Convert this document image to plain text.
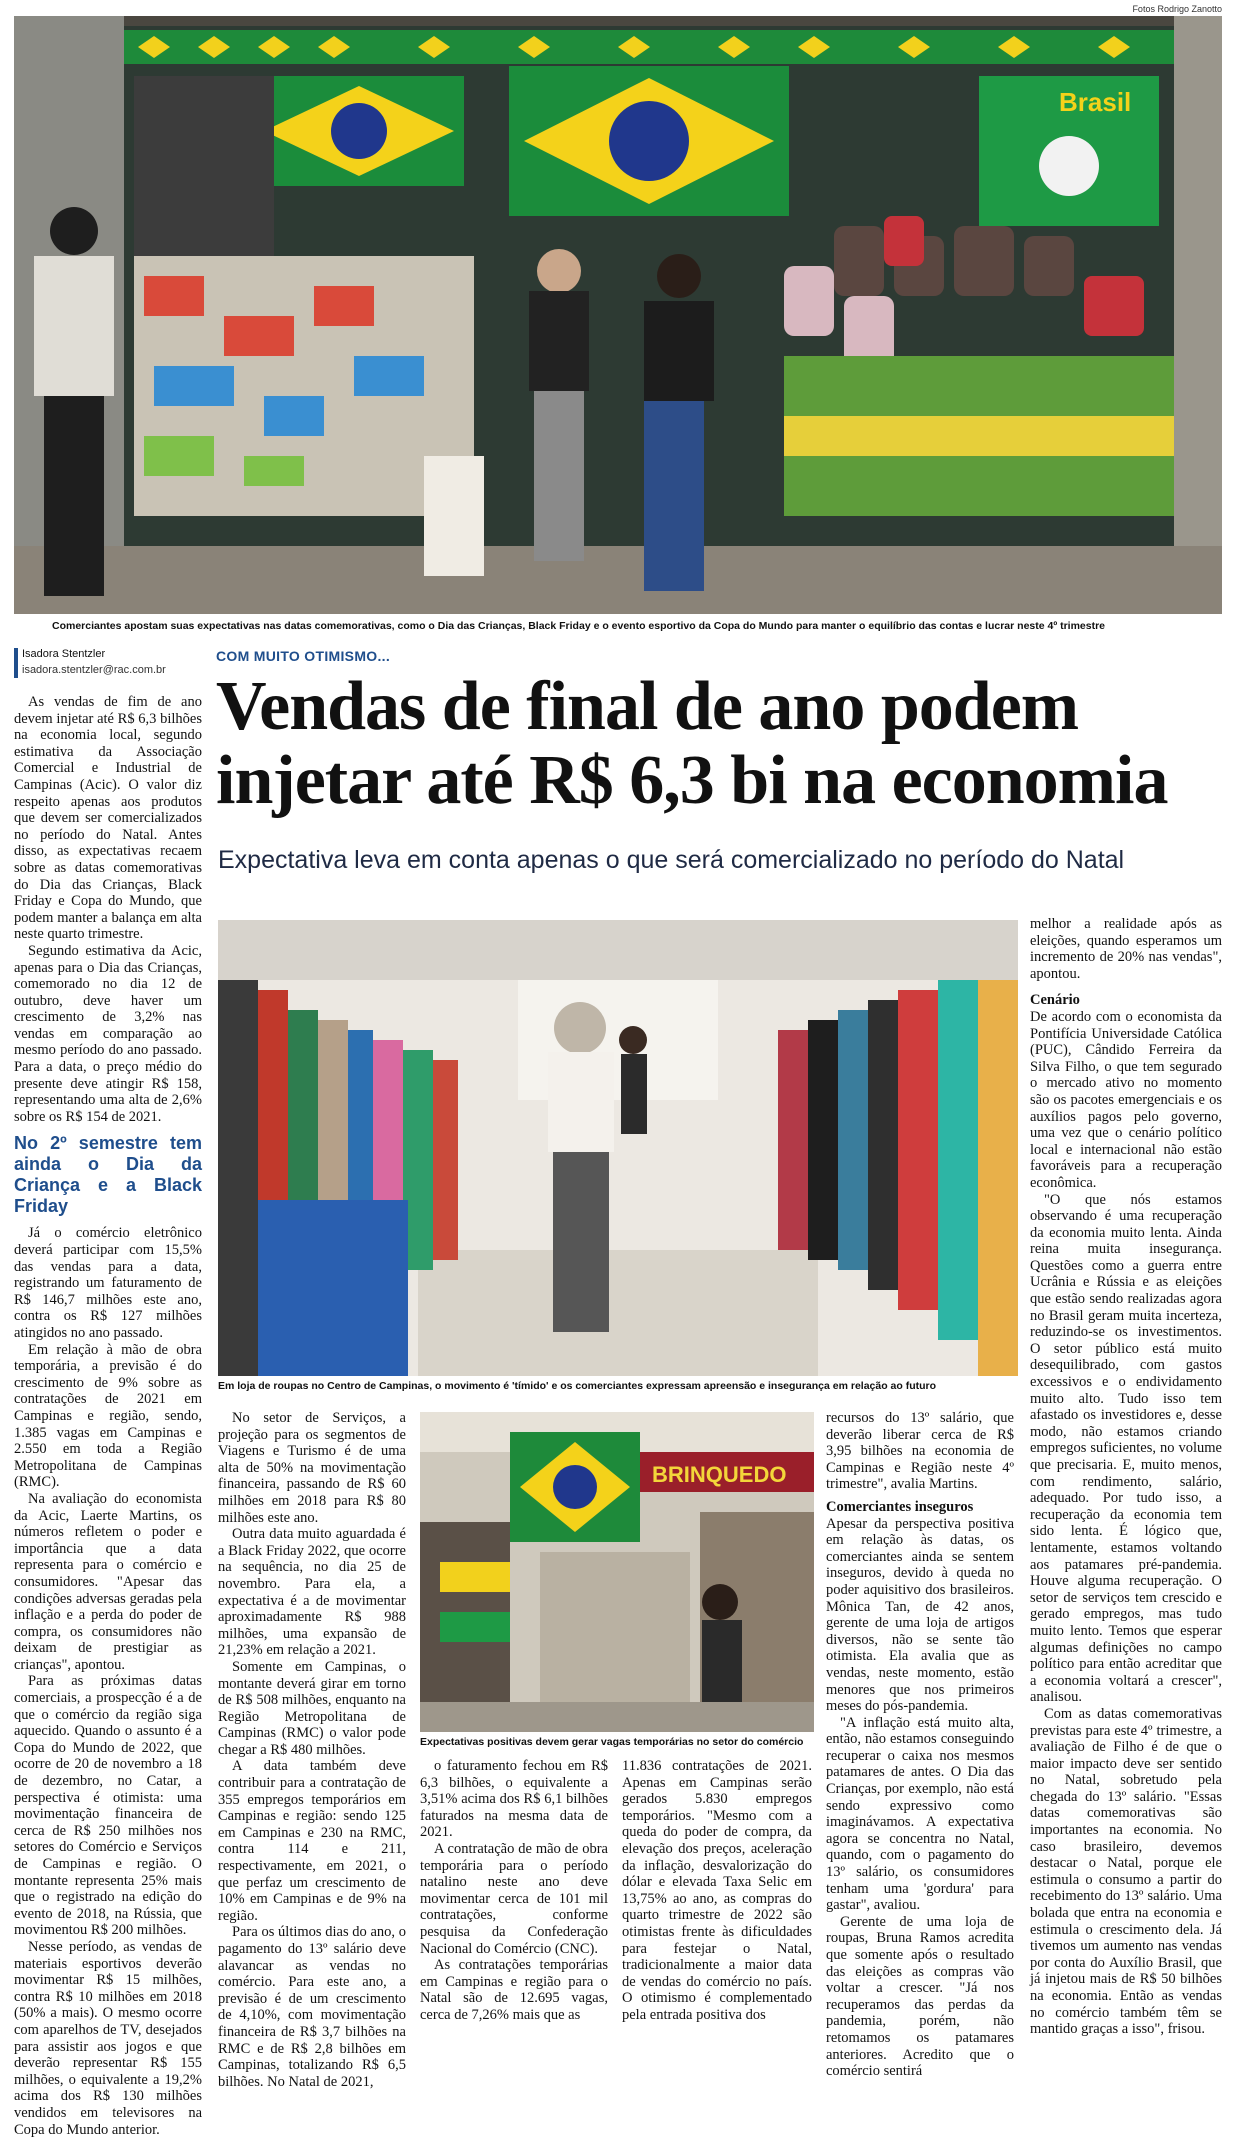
Fotos Rodrigo Zanotto
Brasil
Comerciantes apostam suas expectativas nas datas comemorativas, como o Dia das Crianças, Black Friday e o evento esportivo da Copa do Mundo para manter o equilíbrio das contas e lucrar neste 4º trimestre
Isadora Stentzler
isadora.stentzler@rac.com.br
COM MUITO OTIMISMO...
Vendas de final de ano podem
injetar até R$ 6,3 bi na economia
Expectativa leva em conta apenas o que será comercializado no período do Natal

As vendas de fim de ano devem injetar até R$ 6,3 bilhões na economia local, segundo estimativa da Associação Comercial e Industrial de Campinas (Acic). O valor diz respeito apenas aos produtos que devem ser comercializados no período do Natal. Antes disso, as expectativas recaem sobre as datas comemorativas do Dia das Crianças, Black Friday e Copa do Mundo, que podem manter a balança em alta neste quarto trimestre.

Segundo estimativa da Acic, apenas para o Dia das Crianças, comemorado no dia 12 de outubro, deve haver um crescimento de 3,2% nas vendas em comparação ao mesmo período do ano passado. Para a data, o preço médio do presente deve atingir R$ 158, representando uma alta de 2,6% sobre os R$ 154 de 2021.

No 2º semestre tem ainda o Dia da Criança e a Black Friday

Já o comércio eletrônico deverá participar com 15,5% das vendas para a data, registrando um faturamento de R$ 146,7 milhões este ano, contra os R$ 127 milhões atingidos no ano passado.

Em relação à mão de obra temporária, a previsão é do crescimento de 9% sobre as contratações de 2021 em Campinas e região, sendo, 1.385 vagas em Campinas e 2.550 em toda a Região Metropolitana de Campinas (RMC).

Na avaliação do economista da Acic, Laerte Martins, os números refletem o poder e importância que a data representa para o comércio e consumidores. "Apesar das condições adversas geradas pela inflação e a perda do poder de compra, os consumidores não deixam de prestigiar as crianças", apontou.

Para as próximas datas comerciais, a prospecção é a de que o comércio da região siga aquecido. Quando o assunto é a Copa do Mundo de 2022, que ocorre de 20 de novembro a 18 de dezembro, no Catar, a perspectiva é otimista: uma movimentação financeira de cerca de R$ 250 milhões nos setores do Comércio e Serviços de Campinas e região. O montante representa 25% mais que o registrado na edição do evento de 2018, na Rússia, que movimentou R$ 200 milhões.

Nesse período, as vendas de materiais esportivos deverão movimentar R$ 15 milhões, contra R$ 10 milhões em 2018 (50% a mais). O mesmo ocorre com aparelhos de TV, desejados para assistir aos jogos e que deverão representar R$ 155 milhões, o equivalente a 19,2% acima dos R$ 130 milhões vendidos em televisores na Copa do Mundo anterior.

Em loja de roupas no Centro de Campinas, o movimento é 'tímido' e os comerciantes expressam apreensão e insegurança em relação ao futuro

No setor de Serviços, a projeção para os segmentos de Viagens e Turismo é de uma alta de 50% na movimentação financeira, passando de R$ 60 milhões em 2018 para R$ 80 milhões este ano.

Outra data muito aguardada é a Black Friday 2022, que ocorre na sequência, no dia 25 de novembro. Para ela, a expectativa é a de movimentar aproximadamente R$ 988 milhões, uma expansão de 21,23% em relação a 2021.

Somente em Campinas, o montante deverá girar em torno de R$ 508 milhões, enquanto na Região Metropolitana de Campinas (RMC) o valor pode chegar a R$ 480 milhões.

A data também deve contribuir para a contratação de 355 empregos temporários em Campinas e região: sendo 125 em Campinas e 230 na RMC, contra 114 e 211, respectivamente, em 2021, o que perfaz um crescimento de 10% em Campinas e de 9% na região.

Para os últimos dias do ano, o pagamento do 13º salário deve alavancar as vendas no comércio. Para este ano, a previsão é de um crescimento de 4,10%, com movimentação financeira de R$ 3,7 bilhões na RMC e de R$ 2,8 bilhões em Campinas, totalizando R$ 6,5 bilhões. No Natal de 2021,

BRINQUEDO
Expectativas positivas devem gerar vagas temporárias no setor do comércio

o faturamento fechou em R$ 6,3 bilhões, o equivalente a 3,51% acima dos R$ 6,1 bilhões faturados na mesma data de 2021.

A contratação de mão de obra temporária para o período natalino neste ano deve movimentar cerca de 101 mil contratações, conforme pesquisa da Confederação Nacional do Comércio (CNC).

As contratações temporárias em Campinas e região para o Natal são de 12.695 vagas, cerca de 7,26% mais que as

11.836 contratações de 2021. Apenas em Campinas serão gerados 5.830 empregos temporários. "Mesmo com a queda do poder de compra, da elevação dos preços, aceleração da inflação, desvalorização do dólar e elevada Taxa Selic em 13,75% ao ano, as compras do quarto trimestre de 2022 são otimistas frente às dificuldades para festejar o Natal, tradicionalmente a maior data de vendas do comércio no país. O otimismo é complementado pela entrada positiva dos

recursos do 13º salário, que deverão liberar cerca de R$ 3,95 bilhões na economia de Campinas e Região neste 4º trimestre", avalia Martins.

Comerciantes inseguros

Apesar da perspectiva positiva em relação às datas, os comerciantes ainda se sentem inseguros, devido à queda no poder aquisitivo dos brasileiros. Mônica Tan, de 42 anos, gerente de uma loja de artigos diversos, não se sente tão otimista. Ela avalia que as vendas, neste momento, estão menores que nos primeiros meses do pós-pandemia.

"A inflação está muito alta, então, não estamos conseguindo recuperar o caixa nos mesmos patamares de antes. O Dia das Crianças, por exemplo, não está sendo expressivo como imaginávamos. A expectativa agora se concentra no Natal, quando, com o pagamento do 13º salário, os consumidores tenham uma 'gordura' para gastar", avaliou.

Gerente de uma loja de roupas, Bruna Ramos acredita que somente após o resultado das eleições as compras vão voltar a crescer. "Já nos recuperamos das perdas da pandemia, porém, não retomamos os patamares anteriores. Acredito que o comércio sentirá

melhor a realidade após as eleições, quando esperamos um incremento de 20% nas vendas", apontou.

Cenário

De acordo com o economista da Pontifícia Universidade Católica (PUC), Cândido Ferreira da Silva Filho, o que tem segurado o mercado ativo no momento são os pacotes emergenciais e os auxílios pagos pelo governo, uma vez que o cenário político local e internacional não estão favoráveis para a recuperação econômica.

"O que nós estamos observando é uma recuperação da economia muito lenta. Ainda reina muita insegurança. Questões como a guerra entre Ucrânia e Rússia e as eleições que estão sendo realizadas agora no Brasil geram muita incerteza, reduzindo-se os investimentos. O setor público está muito desequilibrado, com gastos excessivos e o endividamento muito alto. Tudo isso tem afastado os investidores e, desse modo, não estamos criando empregos suficientes, no volume que precisaria. E, muito menos, com rendimento, salário, adequado. Por tudo isso, a recuperação da economia tem sido lenta. É lógico que, lentamente, estamos voltando aos patamares pré-pandemia. Houve alguma recuperação. O setor de serviços tem crescido e gerado empregos, mas tudo muito lento. Temos que esperar algumas definições no campo político para então acreditar que a economia voltará a crescer", analisou.

Com as datas comemorativas previstas para este 4º trimestre, a avaliação de Filho é de que o maior impacto deve ser sentido no Natal, sobretudo pela chegada do 13º salário. "Essas datas comemorativas são importantes na economia. No caso brasileiro, devemos destacar o Natal, porque ele estimula o consumo a partir do recebimento do 13º salário. Uma bolada que entra na economia e estimula o crescimento dela. Já tivemos um aumento nas vendas por conta do Auxílio Brasil, que já injetou mais de R$ 50 bilhões na economia. Então as vendas no comércio também têm se mantido graças a isso", frisou.
